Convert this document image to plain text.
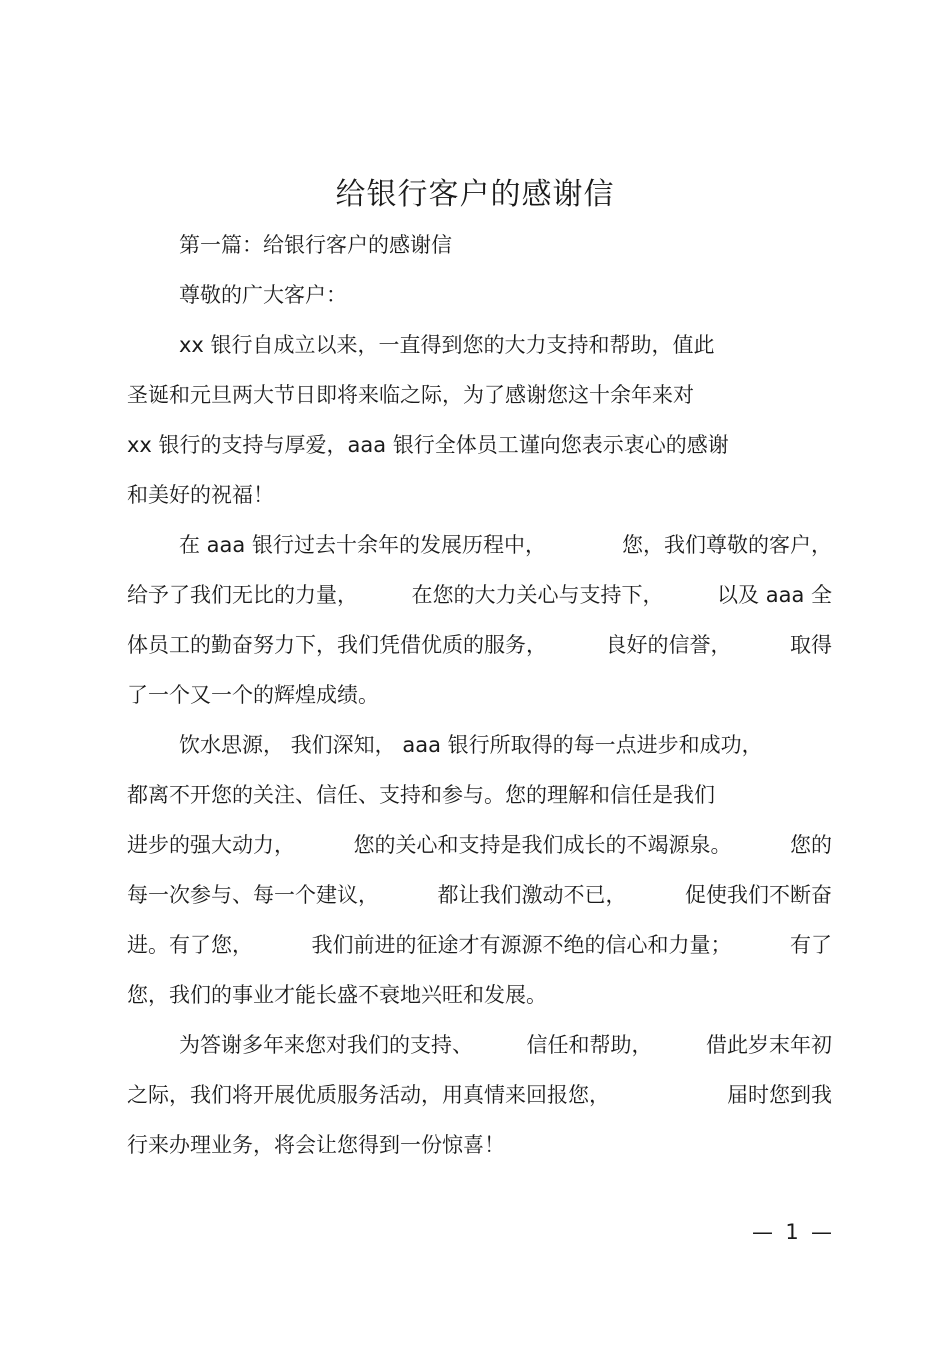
给银行客户的感谢信
第一篇：给银行客户的感谢信
尊敬的广大客户：
xx 银行自成立以来，一直得到您的大力支持和帮助，值此
圣诞和元旦两大节日即将来临之际，为了感谢您这十余年来对
xx 银行的支持与厚爱， aaa 银行全体员工谨向您表示衷心的感谢
和美好的祝福！
在 aaa 银行过去十余年的发展历程中，	您，我们尊敬的客户，
给予了我们无比的力量，	在您的大力关心与支持下，	以及 aaa 全
体员工的勤奋努力下，我们凭借优质的服务，	良好的信誉，	取得
了一个又一个的辉煌成绩。
饮水思源， 我们深知， aaa 银行所取得的每一点进步和成功，
都离不开您的关注、 信任、支持和参与。您的理解和信任是我们
进步的强大动力，	您的关心和支持是我们成长的不竭源泉。	您的
每一次参与、每一个建议，	都让我们激动不已，	促使我们不断奋
进。有了您，	我们前进的征途才有源源不绝的信心和力量；	有了
您，我们的事业才能长盛不衰地兴旺和发展。
为答谢多年来您对我们的支持、	信任和帮助，	借此岁末年初
之际，我们将开展优质服务活动，用真情来回报您，	届时您到我
行来办理业务，将会让您得到一份惊喜！
— 1 —
